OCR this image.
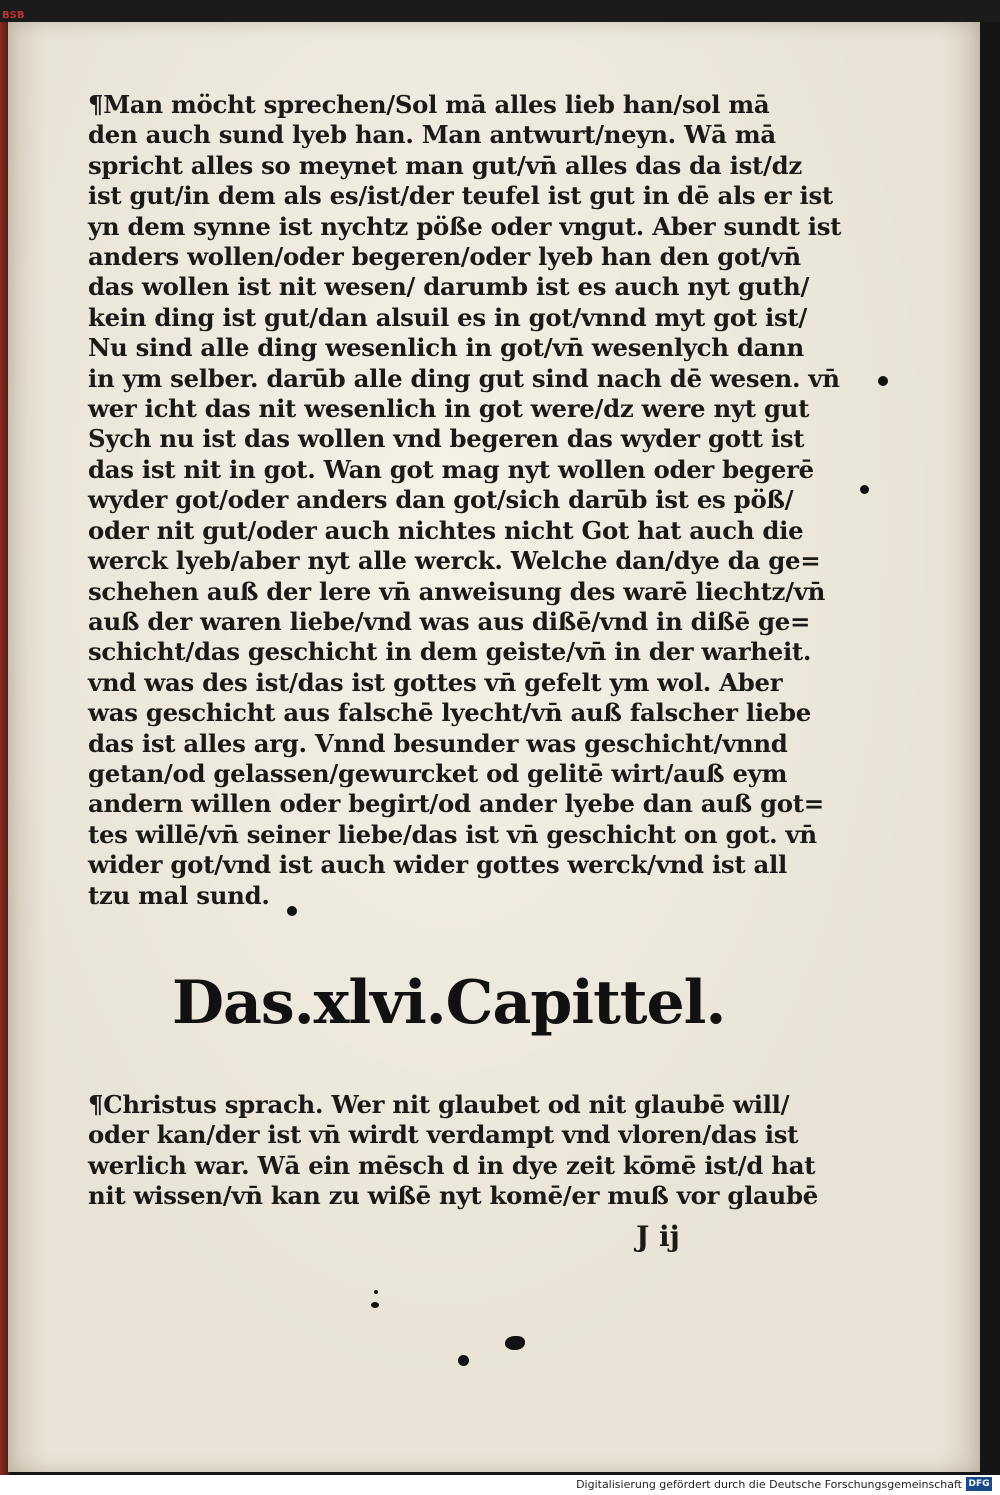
BSB
¶Man möcht sprechen/Sol mā alles lieb han/sol mā
den auch sund lyeb han. Man antwurt/neyn. Wā mā
spricht alles so meynet man gut/vn̄ alles das da ist/dz
ist gut/in dem als es/ist/der teufel ist gut in dē als er ist
yn dem synne ist nychtz pöße oder vngut. Aber sundt ist
anders wollen/oder begeren/oder lyeb han den got/vn̄
das wollen ist nit wesen/ darumb ist es auch nyt guth/
kein ding ist gut/dan alsuil es in got/vnnd myt got ist/
Nu sind alle ding wesenlich in got/vn̄ wesenlych dann
in ym selber. darūb alle ding gut sind nach dē wesen. vn̄
wer icht das nit wesenlich in got were/dz were nyt gut
Sych nu ist das wollen vnd begeren das wyder gott ist
das ist nit in got. Wan got mag nyt wollen oder begerē
wyder got/oder anders dan got/sich darūb ist es pöß/
oder nit gut/oder auch nichtes nicht Got hat auch die
werck lyeb/aber nyt alle werck. Welche dan/dye da ge=
schehen auß der lere vn̄ anweisung des warē liechtz/vn̄
auß der waren liebe/vnd was aus dißē/vnd in dißē ge=
schicht/das geschicht in dem geiste/vn̄ in der warheit.
vnd was des ist/das ist gottes vn̄ gefelt ym wol. Aber
was geschicht aus falschē lyecht/vn̄ auß falscher liebe
das ist alles arg. Vnnd besunder was geschicht/vnnd
getan/od gelassen/gewurcket od gelitē wirt/auß eym
andern willen oder begirt/od ander lyebe dan auß got=
tes willē/vn̄ seiner liebe/das ist vn̄ geschicht on got. vn̄
wider got/vnd ist auch wider gottes werck/vnd ist all
tzu mal sund.
Das.xlvi.Capittel.
¶Christus sprach. Wer nit glaubet od nit glaubē will/
oder kan/der ist vn̄ wirdt verdampt vnd vloren/das ist
werlich war. Wā ein mēsch d in dye zeit kōmē ist/d hat
nit wissen/vn̄ kan zu wißē nyt komē/er muß vor glaubē
J ij
Digitalisierung gefördert durch die Deutsche Forschungsgemeinschaft DFG
